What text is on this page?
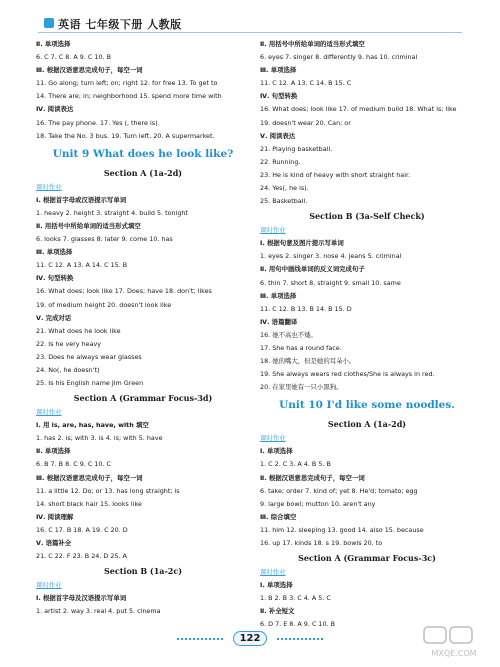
英语 七年级下册 人教版
Ⅱ. 单项选择
6. C 7. C 8. A 9. C 10. B
Ⅲ. 根据汉语意思完成句子，每空一词
11. Go along; turn left; on; right 12. for free 13. To get to
14. There are; in; neighborhood 15. spend more time with
Ⅳ. 阅读表达
16. The pay phone. 17. Yes (, there is).
18. Take the No. 3 bus. 19. Turn left. 20. A supermarket.
Unit 9 What does he look like?
Section A (1a-2d)
课时作业
Ⅰ. 根据首字母或汉语提示写单词
1. heavy 2. height 3. straight 4. build 5. tonight
Ⅱ. 用括号中所给单词的适当形式填空
6. looks 7. glasses 8. later 9. come 10. has
Ⅲ. 单项选择
11. C 12. A 13. A 14. C 15. B
Ⅳ. 句型转换
16. What does; look like 17. Does; have 18. don't; likes
19. of medium height 20. doesn't look like
Ⅴ. 完成对话
21. What does he look like
22. Is he very heavy
23. Does he always wear glasses
24. No(, he doesn't)
25. Is his English name Jim Green
Section A (Grammar Focus-3d)
课时作业
Ⅰ. 用 is, are, has, have, with 填空
1. has 2. is; with 3. is 4. is; with 5. have
Ⅱ. 单项选择
6. B 7. B 8. C 9. C 10. C
Ⅲ. 根据汉语意思完成句子，每空一词
11. a little 12. Do; or 13. has long straight; is
14. short black hair 15. looks like
Ⅳ. 阅读理解
16. C 17. B 18. A 19. C 20. D
Ⅴ. 语篇补全
21. C 22. F 23. B 24. D 25. A
Section B (1a-2c)
课时作业
Ⅰ. 根据首字母及汉语提示写单词
1. artist 2. way 3. real 4. put 5. cinema
Ⅱ. 用括号中所给单词的适当形式填空
6. eyes 7. singer 8. differently 9. has 10. criminal
Ⅲ. 单项选择
11. C 12. A 13. C 14. B 15. C
Ⅳ. 句型转换
16. What does; look like 17. of medium build 18. What is; like
19. doesn't wear 20. Can; or
Ⅴ. 阅读表达
21. Playing basketball.
22. Running.
23. He is kind of heavy with short straight hair.
24. Yes(, he is).
25. Basketball.
Section B (3a-Self Check)
课时作业
Ⅰ. 根据句意及图片提示写单词
1. eyes 2. singer 3. nose 4. jeans 5. criminal
Ⅱ. 用句中画线单词的反义词完成句子
6. thin 7. short 8. straight 9. small 10. same
Ⅲ. 单项选择
11. C 12. B 13. B 14. B 15. D
Ⅳ. 语篇翻译
16. 她不高也不矮。
17. She has a round face.
18. 她的嘴大，但是她的耳朵小。
19. She always wears red clothes/She is always in red.
20. 在家里她有一只小黑狗。
Unit 10 I'd like some noodles.
Section A (1a-2d)
课时作业
Ⅰ. 单项选择
1. C 2. C 3. A 4. B 5. B
Ⅱ. 根据汉语意思完成句子，每空一词
6. take; order 7. kind of; yet 8. He'd; tomato; egg
9. large bowl; mutton 10. aren't any
Ⅲ. 综合填空
11. him 12. sleeping 13. good 14. also 15. because
16. up 17. kinds 18. s 19. bowls 20. to
Section A (Grammar Focus-3c)
课时作业
Ⅰ. 单项选择
1. B 2. B 3. C 4. A 5. C
Ⅱ. 补全短文
6. D 7. E 8. A 9. C 10. B
122
MXQE.COM
